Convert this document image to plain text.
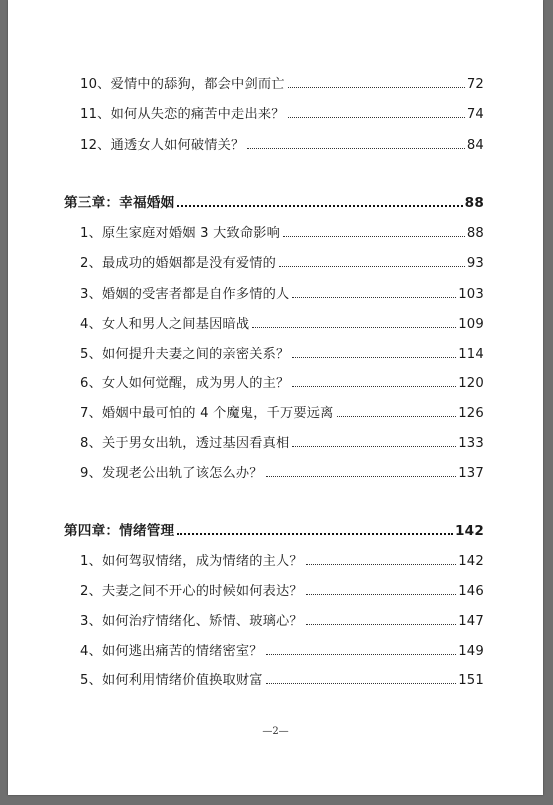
10、爱情中的舔狗，都会中剑而亡	72
11、如何从失恋的痛苦中走出来？	74
12、通透女人如何破情关？	84
第三章：幸福婚姻	88
1、原生家庭对婚姻 3 大致命影响	88
2、最成功的婚姻都是没有爱情的	93
3、婚姻的受害者都是自作多情的人	103
4、女人和男人之间基因暗战	109
5、如何提升夫妻之间的亲密关系？	114
6、女人如何觉醒，成为男人的主？	120
7、婚姻中最可怕的 4 个魔鬼，千万要远离	126
8、关于男女出轨，透过基因看真相	133
9、发现老公出轨了该怎么办？	137
第四章：情绪管理	142
1、如何驾驭情绪，成为情绪的主人？	142
2、夫妻之间不开心的时候如何表达？	146
3、如何治疗情绪化、矫情、玻璃心？	147
4、如何逃出痛苦的情绪密室？	149
5、如何利用情绪价值换取财富	151
—2—
